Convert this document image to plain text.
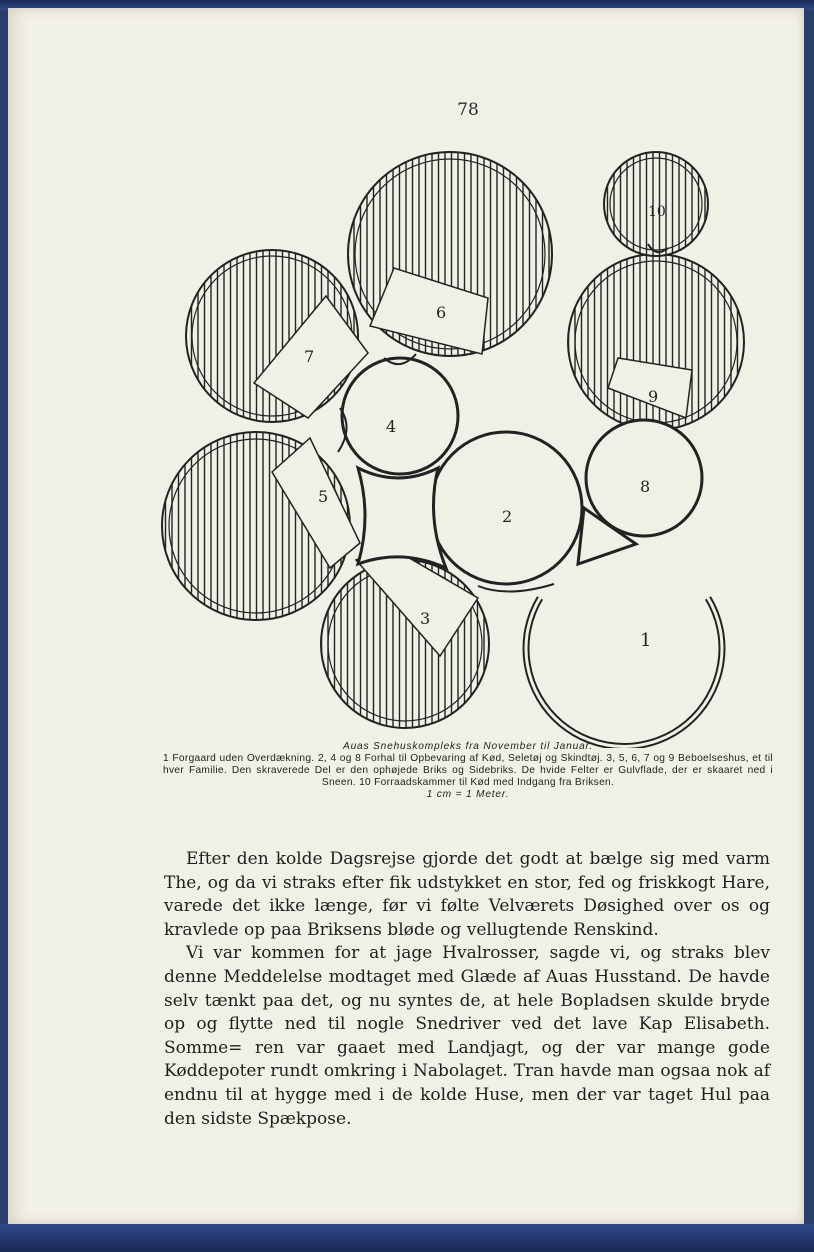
78
1
2
3
4
5
6
7
8
9
10
Auas Snehuskompleks fra November til Januar.
1 Forgaard uden Overdækning. 2, 4 og 8 Forhal til Opbevaring af Kød, Seletøj og Skindtøj. 3, 5, 6, 7 og 9 Beboelseshus, et til hver Familie. Den skraverede Del er den ophøjede Briks og Sidebriks. De hvide Felter er Gulvflade, der er skaaret ned i Sneen. 10 Forraadskammer til Kød med Indgang fra Briksen.
1 cm = 1 Meter.

Efter den kolde Dagsrejse gjorde det godt at bælge sig med varm The, og da vi straks efter fik udstykket en stor, fed og friskkogt Hare, varede det ikke længe, før vi følte Velværets Døsighed over os og kravlede op paa Briksens bløde og vellugtende Renskind.

Vi var kommen for at jage Hvalrosser, sagde vi, og straks blev denne Meddelelse modtaget med Glæde af Auas Husstand. De havde selv tænkt paa det, og nu syntes de, at hele Bopladsen skulde bryde op og flytte ned til nogle Snedriver ved det lave Kap Elisabeth. Somme= ren var gaaet med Landjagt, og der var mange gode Køddepoter rundt omkring i Nabolaget. Tran havde man ogsaa nok af endnu til at hygge med i de kolde Huse, men der var taget Hul paa den sidste Spækpose.
